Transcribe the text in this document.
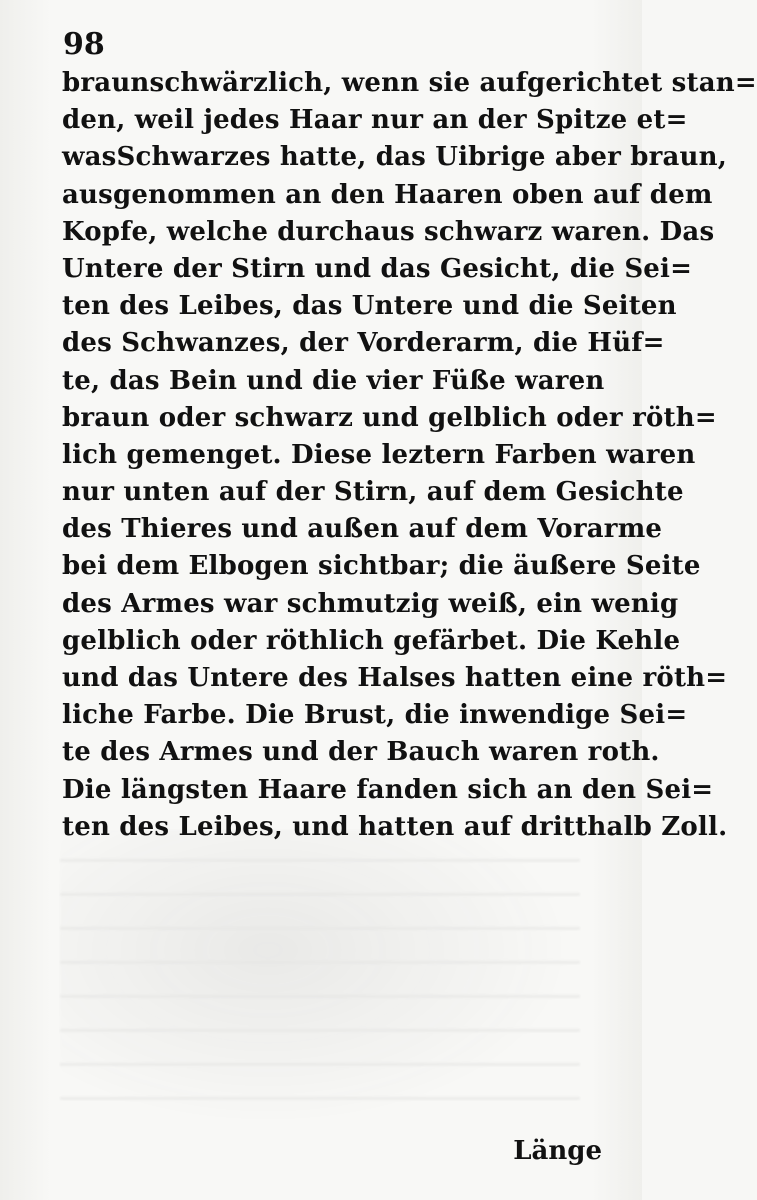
98
braunschwärzlich, wenn sie aufgerichtet stan=
den, weil jedes Haar nur an der Spitze et=
wasSchwarzes hatte, das Uibrige aber braun,
ausgenommen an den Haaren oben auf dem
Kopfe, welche durchaus schwarz waren. Das
Untere der Stirn und das Gesicht, die Sei=
ten des Leibes, das Untere und die Seiten
des Schwanzes, der Vorderarm, die Hüf=
te, das Bein und die vier Füße waren
braun oder schwarz und gelblich oder röth=
lich gemenget. Diese leztern Farben waren
nur unten auf der Stirn, auf dem Gesichte
des Thieres und außen auf dem Vorarme
bei dem Elbogen sichtbar; die äußere Seite
des Armes war schmutzig weiß, ein wenig
gelblich oder röthlich gefärbet. Die Kehle
und das Untere des Halses hatten eine röth=
liche Farbe. Die Brust, die inwendige Sei=
te des Armes und der Bauch waren roth.
Die längsten Haare fanden sich an den Sei=
ten des Leibes, und hatten auf dritthalb Zoll.
Länge
